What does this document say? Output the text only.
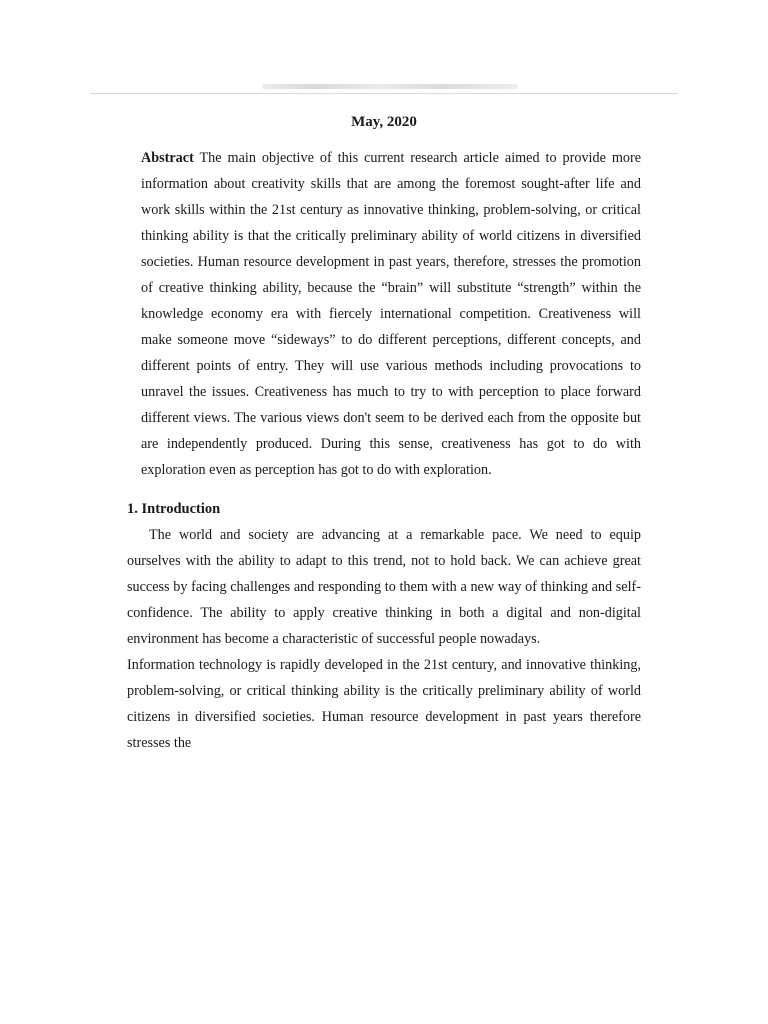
May, 2020

Abstract The main objective of this current research article aimed to provide more information about creativity skills that are among the foremost sought-after life and work skills within the 21st century as innovative thinking, problem-solving, or critical thinking ability is that the critically preliminary ability of world citizens in diversified societies. Human resource development in past years, therefore, stresses the promotion of creative thinking ability, because the “brain” will substitute “strength” within the knowledge economy era with fiercely international competition. Creativeness will make someone move “sideways” to do different perceptions, different concepts, and different points of entry. They will use various methods including provocations to unravel the issues. Creativeness has much to try to with perception to place forward different views. The various views don't seem to be derived each from the opposite but are independently produced. During this sense, creativeness has got to do with exploration even as perception has got to do with exploration.

1. Introduction

The world and society are advancing at a remarkable pace. We need to equip ourselves with the ability to adapt to this trend, not to hold back. We can achieve great success by facing challenges and responding to them with a new way of thinking and self-confidence. The ability to apply creative thinking in both a digital and non-digital environment has become a characteristic of successful people nowadays.

Information technology is rapidly developed in the 21st century, and innovative thinking, problem-solving, or critical thinking ability is the critically preliminary ability of world citizens in diversified societies. Human resource development in past years therefore stresses the
